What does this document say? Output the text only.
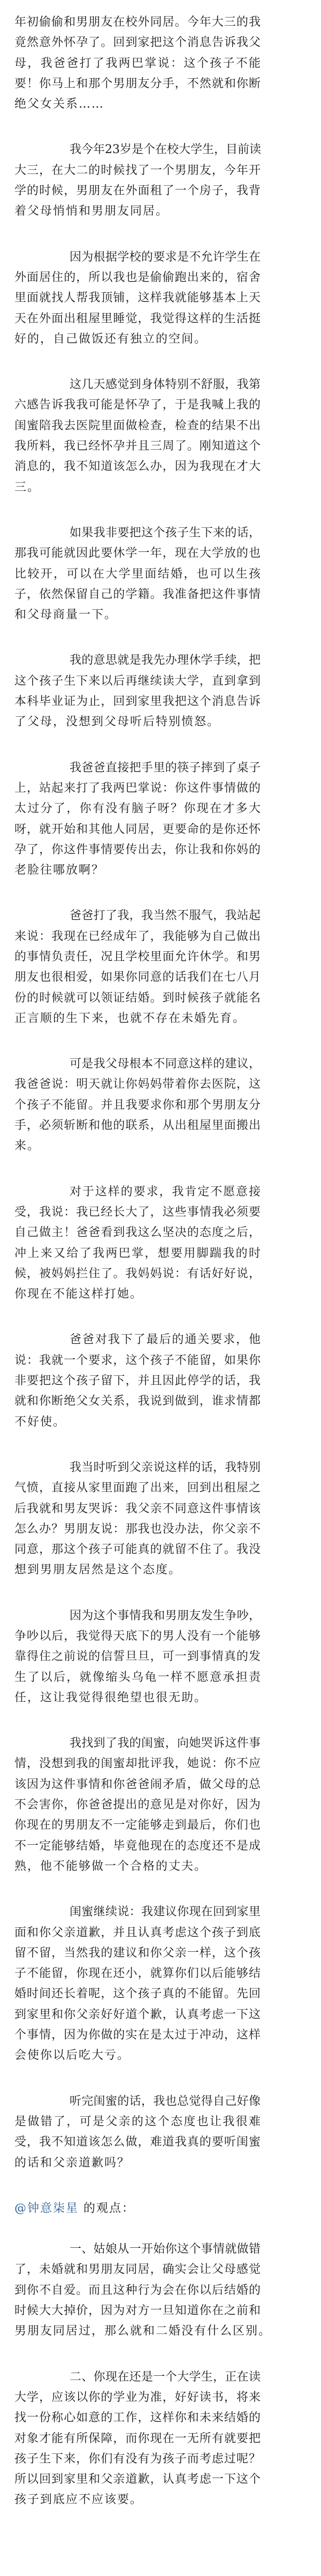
年初偷偷和男朋友在校外同居。今年大三的我
竟然意外怀孕了。回到家把这个消息告诉我父
母，我爸爸打了我两巴掌说：这个孩子不能
要！你马上和那个男朋友分手，不然就和你断
绝父女关系……
我今年23岁是个在校大学生，目前读
大三，在大二的时候找了一个男朋友，今年开
学的时候，男朋友在外面租了一个房子，我背
着父母悄悄和男朋友同居。
因为根据学校的要求是不允许学生在
外面居住的，所以我也是偷偷跑出来的，宿舍
里面就找人帮我顶铺，这样我就能够基本上天
天在外面出租屋里睡觉，我觉得这样的生活挺
好的，自己做饭还有独立的空间。
这几天感觉到身体特别不舒服，我第
六感告诉我我可能是怀孕了，于是我喊上我的
闺蜜陪我去医院里面做检查，检查的结果不出
我所料，我已经怀孕并且三周了。刚知道这个
消息的，我不知道该怎么办，因为我现在才大
三。
如果我非要把这个孩子生下来的话，
那我可能就因此要休学一年，现在大学放的也
比较开，可以在大学里面结婚，也可以生孩
子，依然保留自己的学籍。我准备把这件事情
和父母商量一下。
我的意思就是我先办理休学手续，把
这个孩子生下来以后再继续读大学，直到拿到
本科毕业证为止，回到家里我把这个消息告诉
了父母，没想到父母听后特别愤怒。
我爸爸直接把手里的筷子摔到了桌子
上，站起来打了我两巴掌说：你这件事情做的
太过分了，你有没有脑子呀？你现在才多大
呀，就开始和其他人同居，更要命的是你还怀
孕了，你这件事情要传出去，你让我和你妈的
老脸往哪放啊？
爸爸打了我，我当然不服气，我站起
来说：我现在已经成年了，我能够为自己做出
的事情负责任，况且学校里面允许休学。和男
朋友也很相爱，如果你同意的话我们在七八月
份的时候就可以领证结婚。到时候孩子就能名
正言顺的生下来，也就不存在未婚先育。
可是我父母根本不同意这样的建议，
我爸爸说：明天就让你妈妈带着你去医院，这
个孩子不能留。并且我要求你和那个男朋友分
手，必须斩断和他的联系，从出租屋里面搬出
来。
对于这样的要求，我肯定不愿意接
受，我说：我已经长大了，这些事情我必须要
自己做主！爸爸看到我这么坚决的态度之后，
冲上来又给了我两巴掌，想要用脚踹我的时
候，被妈妈拦住了。我妈妈说：有话好好说，
你现在不能这样打她。
爸爸对我下了最后的通关要求，他
说：我就一个要求，这个孩子不能留，如果你
非要把这个孩子留下，并且因此停学的话，我
就和你断绝父女关系，我说到做到，谁求情都
不好使。
我当时听到父亲说这样的话，我特别
气愤，直接从家里面跑了出来，回到出租屋之
后我就和男友哭诉：我父亲不同意这件事情该
怎么办？男朋友说：那我也没办法，你父亲不
同意，那这个孩子可能真的就留不住了。我没
想到男朋友居然是这个态度。
因为这个事情我和男朋友发生争吵，
争吵以后，我觉得天底下的男人没有一个能够
靠得住之前说的信誓旦旦，可一到事情真的发
生了以后，就像缩头乌龟一样不愿意承担责
任，这让我觉得很绝望也很无助。
我找到了我的闺蜜，向她哭诉这件事
情，没想到我的闺蜜却批评我，她说：你不应
该因为这件事情和你爸爸闹矛盾，做父母的总
不会害你，你爸爸提出的意见是对你好，因为
你现在的男朋友不一定能够走到最后，你们也
不一定能够结婚，毕竟他现在的态度还不是成
熟，他不能够做一个合格的丈夫。
闺蜜继续说：我建议你现在回到家里
面和你父亲道歉，并且认真考虑这个孩子到底
留不留，当然我的建议和你父亲一样，这个孩
子不能留，你现在还小，就算你们以后能够结
婚时间还长着呢，这个孩子真的不能留。先回
到家里和你父亲好好道个歉，认真考虑一下这
个事情，因为你做的实在是太过于冲动，这样
会使你以后吃大亏。
听完闺蜜的话，我也总觉得自己好像
是做错了，可是父亲的这个态度也让我很难
受，我不知道该怎么做，难道我真的要听闺蜜
的话和父亲道歉吗？
@钟意柒星 的观点：
一、姑娘从一开始你这个事情就做错
了，未婚就和男朋友同居，确实会让父母感觉
到你不自爱。而且这种行为会在你以后结婚的
时候大大掉价，因为对方一旦知道你在之前和
男朋友同居过，那么就和二婚没有什么区别。
二、你现在还是一个大学生，正在读
大学，应该以你的学业为准，好好读书，将来
找一份称心如意的工作，这样你和未来结婚的
对象才能有所保障，而你现在一无所有就要把
孩子生下来，你们有没有为孩子而考虑过呢？
所以回到家里和父亲道歉，认真考虑一下这个
孩子到底应不应该要。
